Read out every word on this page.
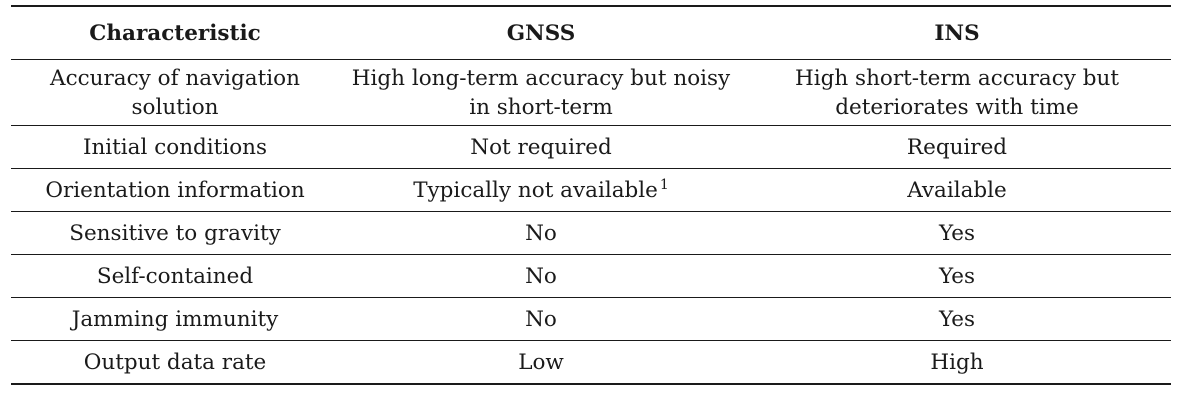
Characteristic	GNSS	INS
Accuracy of navigation solution	High long-term accuracy but noisy in short-term	High short-term accuracy but deteriorates with time
Initial conditions	Not required	Required
Orientation information	Typically not available $^1$	Available
Sensitive to gravity	No	Yes
Self-contained	No	Yes
Jamming immunity	No	Yes
Output data rate	Low	High
